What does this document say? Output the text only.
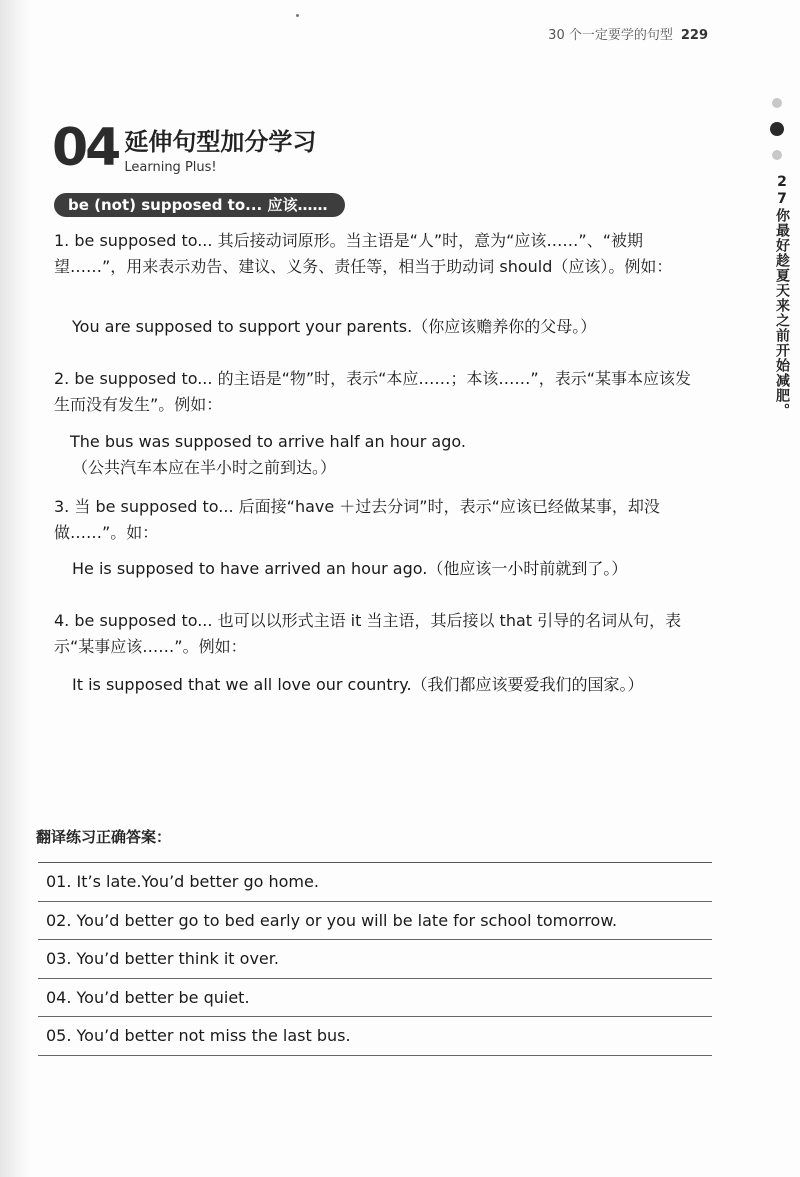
30 个一定要学的句型 229
27你最好趁夏天来之前开始减肥。
04 延伸句型加分学习
Learning Plus!
be (not) supposed to... 应该……
1. be supposed to... 其后接动词原形。当主语是“人”时，意为“应该……”、“被期望……”，用来表示劝告、建议、义务、责任等，相当于助动词 should（应该）。例如：
You are supposed to support your parents.（你应该赡养你的父母。）
2. be supposed to... 的主语是“物”时，表示“本应……；本该……”，表示“某事本应该发生而没有发生”。例如：
The bus was supposed to arrive half an hour ago.
（公共汽车本应在半小时之前到达。）
3. 当 be supposed to... 后面接“have ＋过去分词”时，表示“应该已经做某事，却没做……”。如：
He is supposed to have arrived an hour ago.（他应该一小时前就到了。）
4. be supposed to... 也可以以形式主语 it 当主语，其后接以 that 引导的名词从句，表示“某事应该……”。例如：
It is supposed that we all love our country.（我们都应该要爱我们的国家。）
翻译练习正确答案：
01. It’s late.You’d better go home.
02. You’d better go to bed early or you will be late for school tomorrow.
03. You’d better think it over.
04. You’d better be quiet.
05. You’d better not miss the last bus.
